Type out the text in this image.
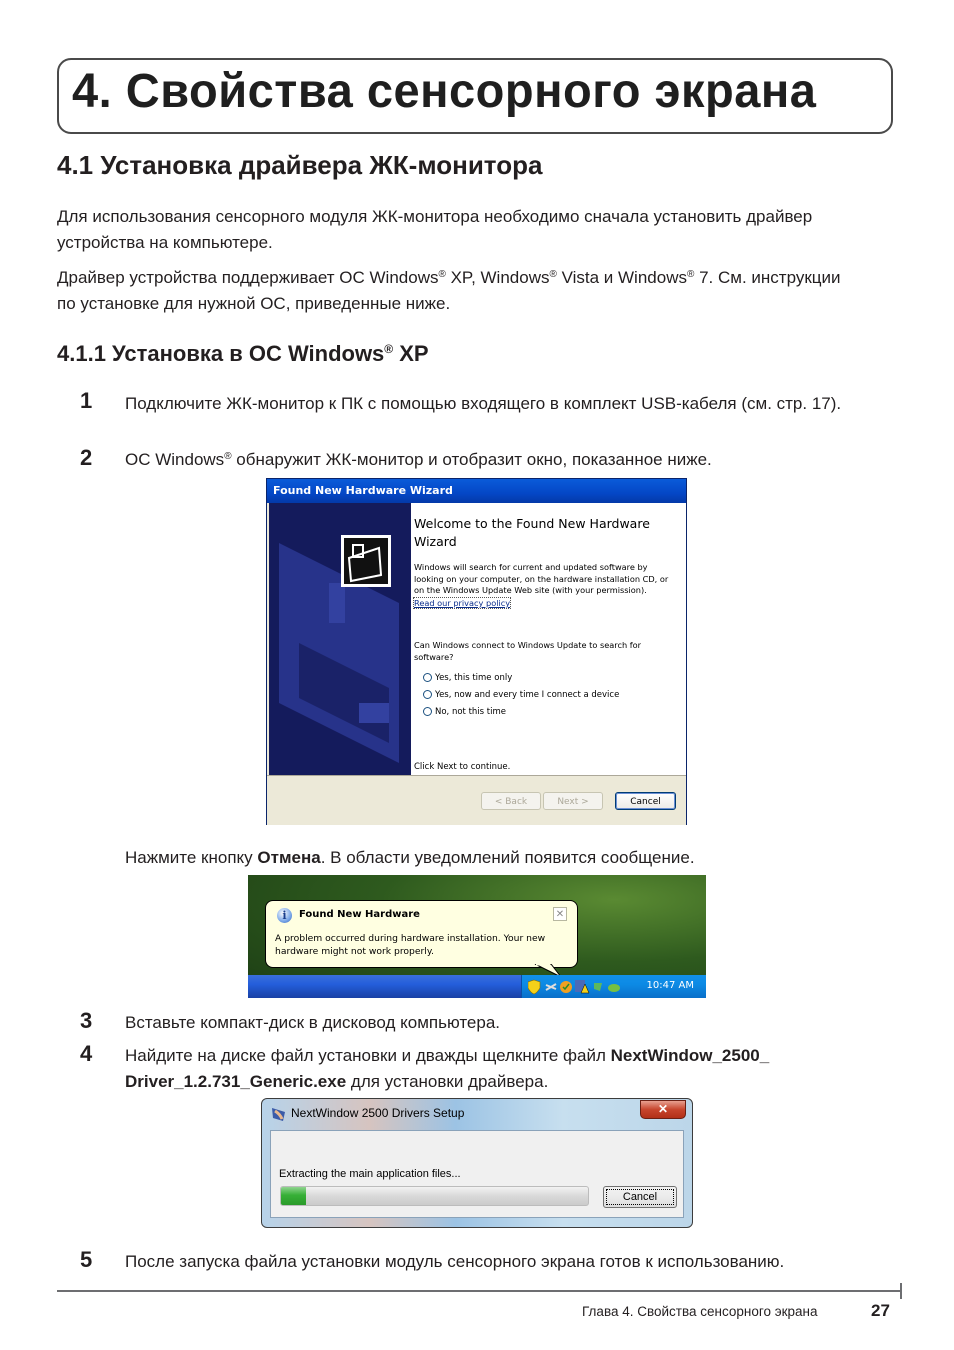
4. Свойства сенсорного экрана
4.1 Установка драйвера ЖК-монитора

Для использования сенсорного модуля ЖК-монитора необходимо сначала установить драйвер устройства на компьютере.

Драйвер устройства поддерживает ОС Windows® XP, Windows® Vista и Windows® 7. См. инструкции по установке для нужной ОС, приведенные ниже.

4.1.1 Установка в ОС Windows® XP
1 Подключите ЖК-монитор к ПК с помощью входящего в комплект USB-кабеля (см. стр. 17).
2 ОС Windows® обнаружит ЖК-монитор и отобразит окно, показанное ниже.
Found New Hardware Wizard
Welcome to the Found New Hardware Wizard
Windows will search for current and updated software by looking on your computer, on the hardware installation CD, or on the Windows Update Web site (with your permission).
Read our privacy policy
Can Windows connect to Windows Update to search for software?
Yes, this time only
Yes, now and every time I connect a device
No, not this time
Click Next to continue.
< Back	Next >	Cancel
Нажмите кнопку Отмена. В области уведомлений появится сообщение.
i	Found New Hardware	✕
A problem occurred during hardware installation. Your new hardware might not work properly.
10:47 AM
3 Вставьте компакт-диск в дисковод компьютера.
4 Найдите на диске файл установки и дважды щелкните файл NextWindow_2500_ Driver_1.2.731_Generic.exe для установки драйвера.
NextWindow 2500 Drivers Setup	✕
Extracting the main application files...
Cancel
5 После запуска файла установки модуль сенсорного экрана готов к использованию.
Глава 4. Свойства сенсорного экрана	27
